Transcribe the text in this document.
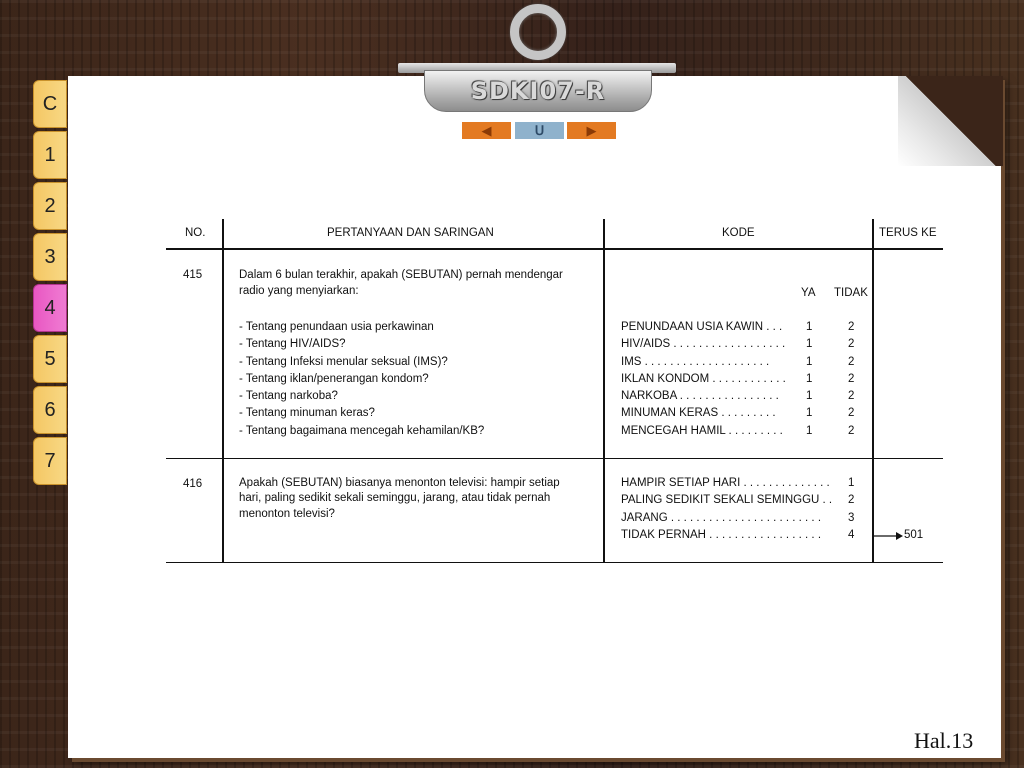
C
1
2
3
4
5
6
7
SDKI07-R
◀	ᑌ	▶
NO.	PERTANYAAN DAN SARINGAN	KODE	TERUS KE
415	Dalam 6 bulan terakhir, apakah (SEBUTAN) pernah mendengar
radio yang menyiarkan:	YA TIDAK
- Tentang penundaan usia perkawinan	PENUNDAAN USIA KAWIN . . . 1	2
- Tentang HIV/AIDS?	HIV/AIDS . . . . . . . . . . . . . . . . . . 1	2
- Tentang Infeksi menular seksual (IMS)?	IMS . . . . . . . . . . . . . . . . . . . .	1	2
- Tentang iklan/penerangan kondom?	IKLAN KONDOM . . . . . . . . . . . . 1	2
- Tentang narkoba?	NARKOBA . . . . . . . . . . . . . . . . 1	2
- Tentang minuman keras?	MINUMAN KERAS . . . . . . . . .	1	2
- Tentang bagaimana mencegah kehamilan/KB?	MENCEGAH HAMIL . . . . . . . . . 1	2
416	Apakah (SEBUTAN) biasanya menonton televisi: hampir setiap
hari, paling sedikit sekali seminggu, jarang, atau tidak pernah
menonton televisi?
HAMPIR SETIAP HARI . . . . . . . . . . . . . . 1
PALING SEDIKIT SEKALI SEMINGGU . . 2
JARANG . . . . . . . . . . . . . . . . . . . . . . . . 3
TIDAK PERNAH . . . . . . . . . . . . . . . . . . 4	501
Hal.13
